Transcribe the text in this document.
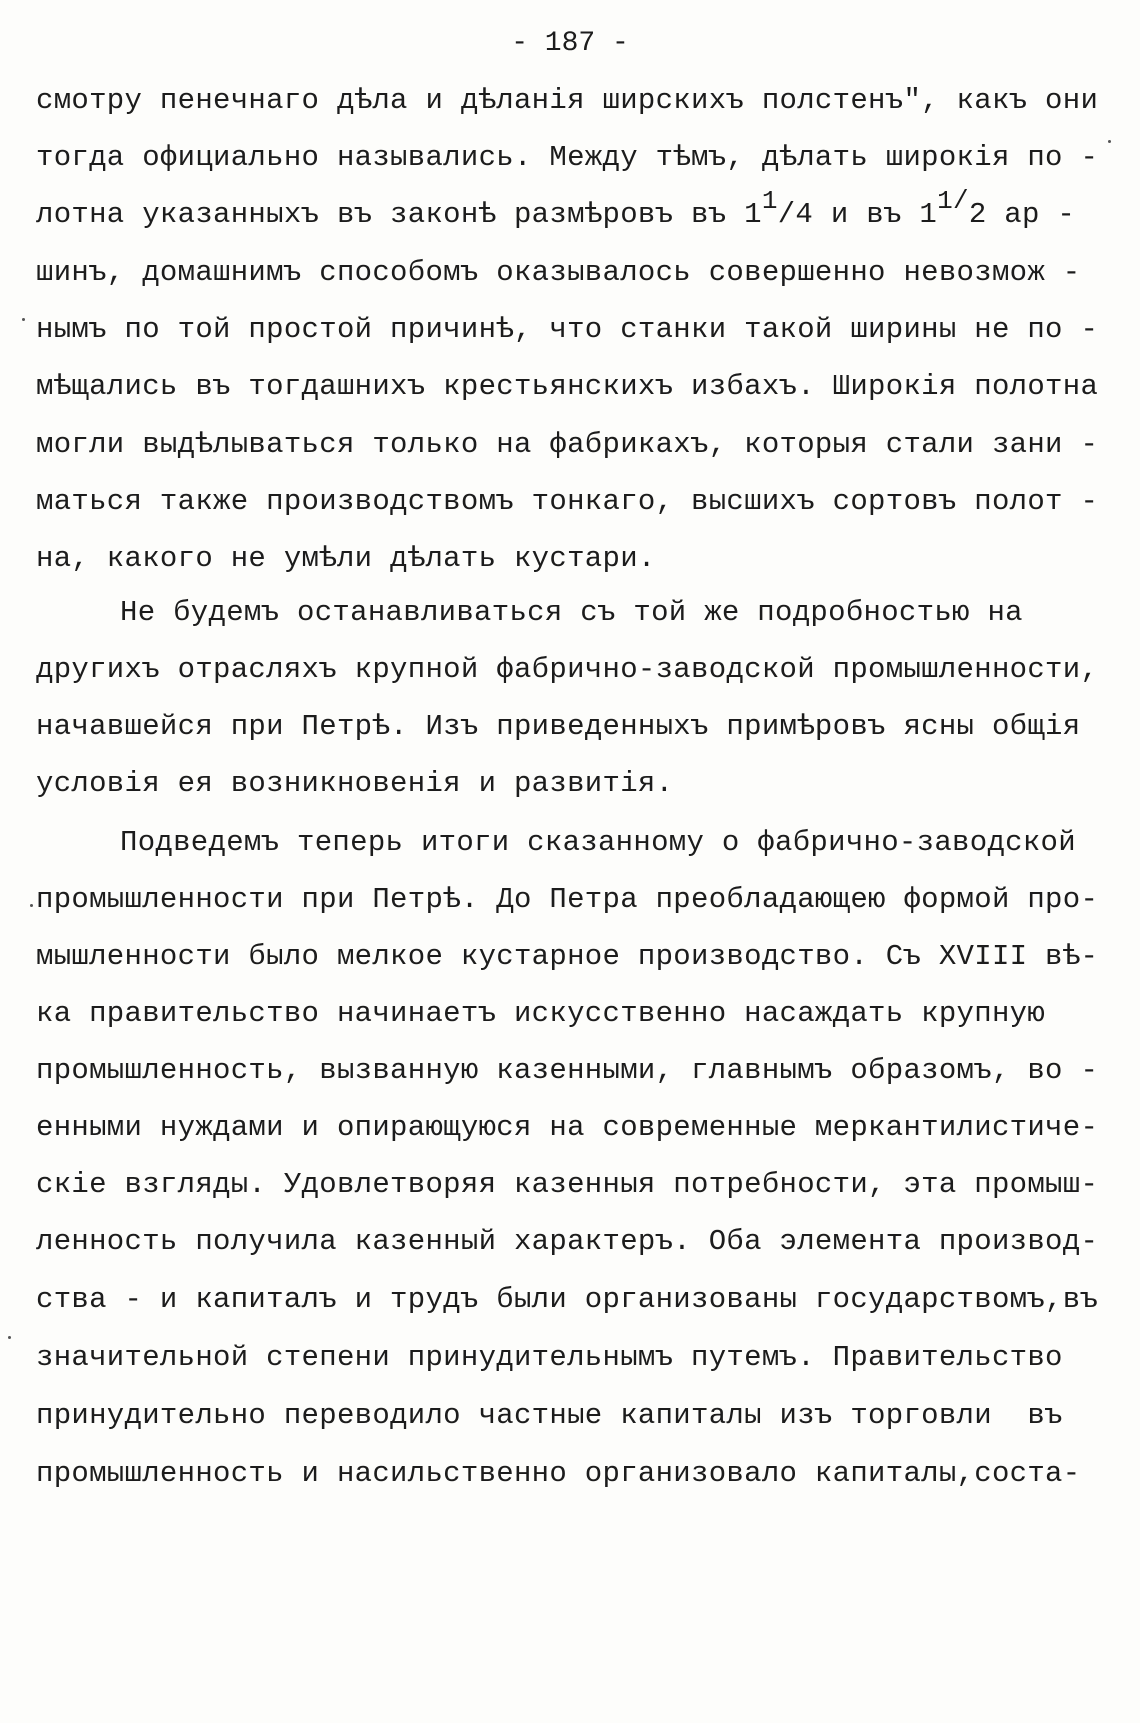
- 187 -
смотру пенечнаго дѣла и дѣланія ширскихъ полстенъ", какъ они
тогда официально назывались. Между тѣмъ, дѣлать широкія по -
лотна указанныхъ въ законѣ размѣровъ въ $1^1/4$ и въ $1^{1/}2$ ар -
шинъ, домашнимъ способомъ оказывалось совершенно невозмож -
нымъ по той простой причинѣ, что станки такой ширины не по -
мѣщались въ тогдашнихъ крестьянскихъ избахъ. Широкія полотна
могли выдѣлываться только на фабрикахъ, которыя стали зани -
маться также производствомъ тонкаго, высшихъ сортовъ полот -
на, какого не умѣли дѣлать кустари.
Не будемъ останавливаться съ той же подробностью на
другихъ отрасляхъ крупной фабрично-заводской промышленности,
начавшейся при Петрѣ. Изъ приведенныхъ примѣровъ ясны общія
условія ея возникновенія и развитія.
Подведемъ теперь итоги сказанному о фабрично-заводской
промышленности при Петрѣ. До Петра преобладающею формой про-
мышленности было мелкое кустарное производство. Съ XVIII вѣ-
ка правительство начинаетъ искусственно насаждать крупную
промышленность, вызванную казенными, главнымъ образомъ, во -
енными нуждами и опирающуюся на современные меркантилистиче-
скіе взгляды. Удовлетворяя казенныя потребности, эта промыш-
ленность получила казенный характеръ. Оба элемента производ-
ства - и капиталъ и трудъ были организованы государствомъ,въ
значительной степени принудительнымъ путемъ. Правительство
принудительно переводило частные капиталы изъ торговли  въ
промышленность и насильственно организовало капиталы,соста-
